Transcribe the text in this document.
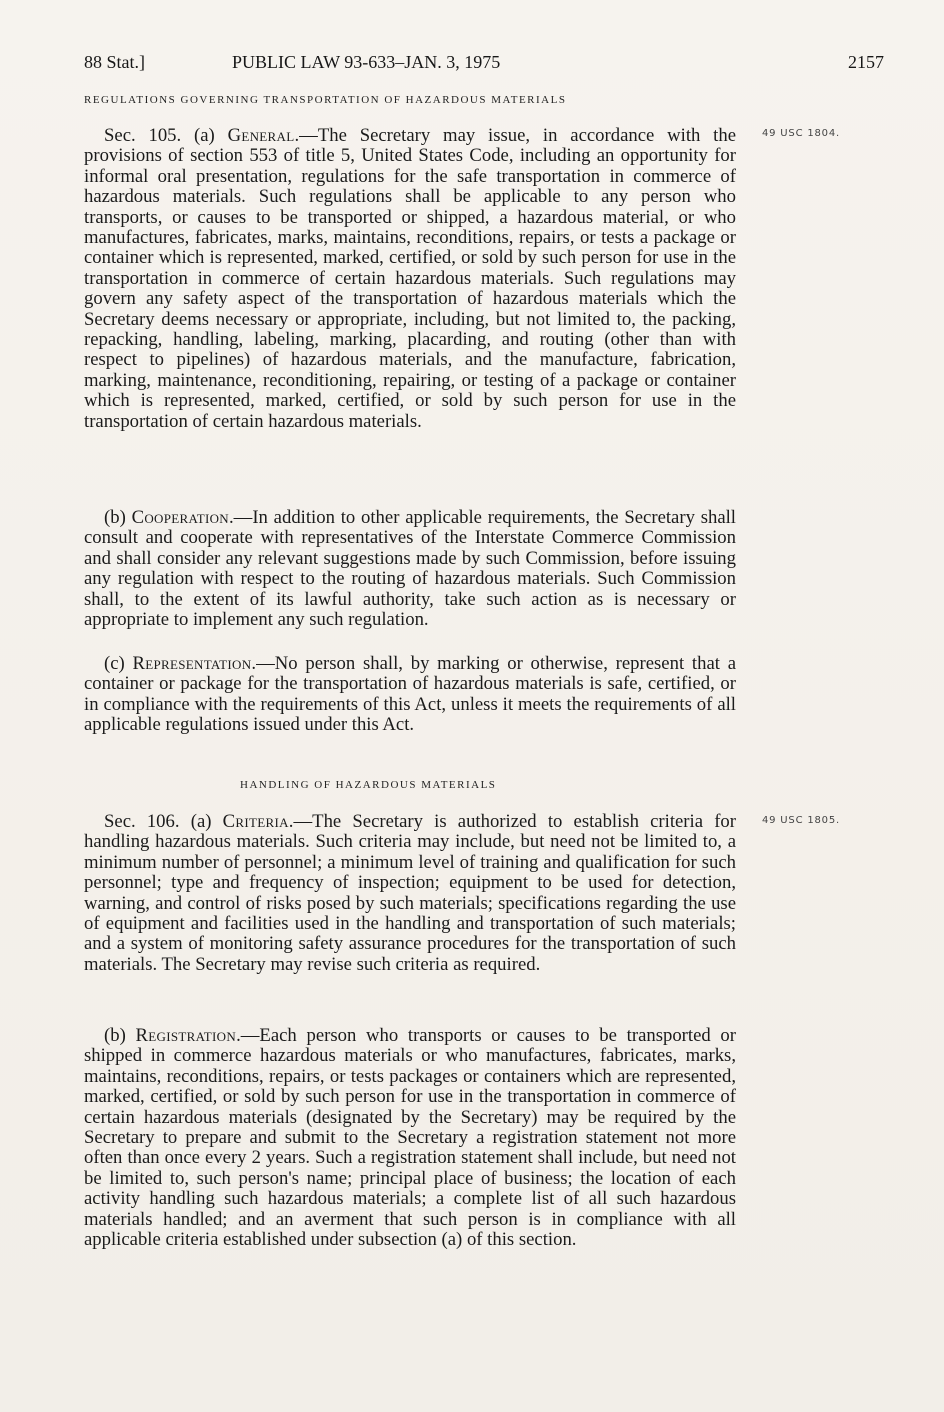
88 Stat.]	PUBLIC LAW 93-633–JAN. 3, 1975	2157
REGULATIONS GOVERNING TRANSPORTATION OF HAZARDOUS MATERIALS
49 USC 1804.

Sec. 105. (a) General.—The Secretary may issue, in accordance with the provisions of section 553 of title 5, United States Code, including an opportunity for informal oral presentation, regulations for the safe transportation in commerce of hazardous materials. Such regulations shall be applicable to any person who transports, or causes to be transported or shipped, a hazardous material, or who manufactures, fabricates, marks, maintains, reconditions, repairs, or tests a package or container which is represented, marked, certified, or sold by such person for use in the transportation in commerce of certain hazardous materials. Such regulations may govern any safety aspect of the transportation of hazardous materials which the Secretary deems necessary or appropriate, including, but not limited to, the packing, repacking, handling, labeling, marking, placarding, and routing (other than with respect to pipelines) of hazardous materials, and the manufacture, fabrication, marking, maintenance, reconditioning, repairing, or testing of a package or container which is represented, marked, certified, or sold by such person for use in the transportation of certain hazardous materials.

(b) Cooperation.—In addition to other applicable requirements, the Secretary shall consult and cooperate with representatives of the Interstate Commerce Commission and shall consider any relevant suggestions made by such Commission, before issuing any regulation with respect to the routing of hazardous materials. Such Commission shall, to the extent of its lawful authority, take such action as is necessary or appropriate to implement any such regulation.

(c) Representation.—No person shall, by marking or otherwise, represent that a container or package for the transportation of hazardous materials is safe, certified, or in compliance with the requirements of this Act, unless it meets the requirements of all applicable regulations issued under this Act.

HANDLING OF HAZARDOUS MATERIALS
49 USC 1805.

Sec. 106. (a) Criteria.—The Secretary is authorized to establish criteria for handling hazardous materials. Such criteria may include, but need not be limited to, a minimum number of personnel; a minimum level of training and qualification for such personnel; type and frequency of inspection; equipment to be used for detection, warning, and control of risks posed by such materials; specifications regarding the use of equipment and facilities used in the handling and transportation of such materials; and a system of monitoring safety assurance procedures for the transportation of such materials. The Secretary may revise such criteria as required.

(b) Registration.—Each person who transports or causes to be transported or shipped in commerce hazardous materials or who manufactures, fabricates, marks, maintains, reconditions, repairs, or tests packages or containers which are represented, marked, certified, or sold by such person for use in the transportation in commerce of certain hazardous materials (designated by the Secretary) may be required by the Secretary to prepare and submit to the Secretary a registration statement not more often than once every 2 years. Such a registration statement shall include, but need not be limited to, such person's name; principal place of business; the location of each activity handling such hazardous materials; a complete list of all such hazardous materials handled; and an averment that such person is in compliance with all applicable criteria established under subsection (a) of this section.
